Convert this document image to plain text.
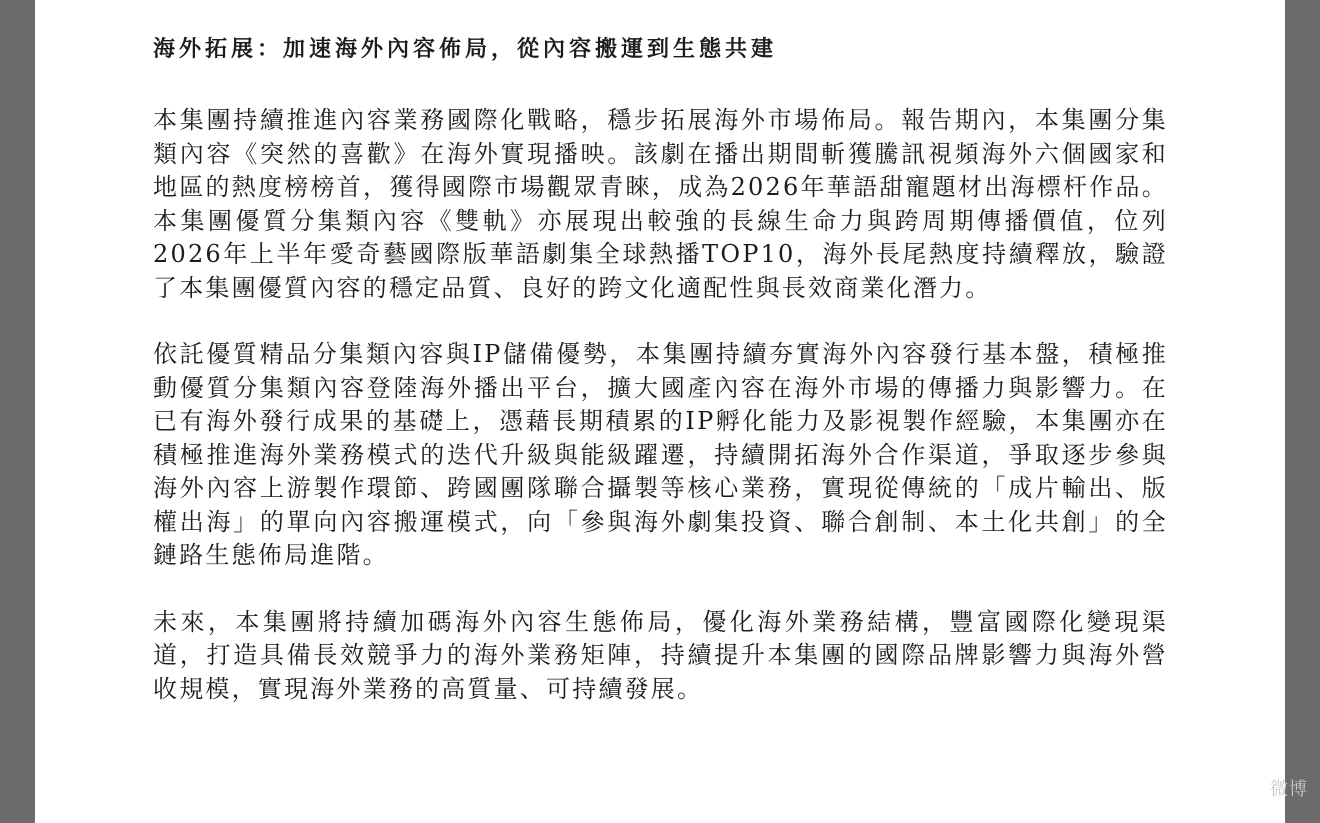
海外拓展：加速海外內容佈局，從內容搬運到生態共建

本集團持續推進內容業務國際化戰略，穩步拓展海外市場佈局。報告期內，本集團分集類內容《突然的喜歡》在海外實現播映。該劇在播出期間斬獲騰訊視頻海外六個國家和地區的熱度榜榜首，獲得國際市場觀眾青睞，成為2026年華語甜寵題材出海標杆作品。本集團優質分集類內容《雙軌》亦展現出較強的長線生命力與跨周期傳播價值，位列2026年上半年愛奇藝國際版華語劇集全球熱播TOP10，海外長尾熱度持續釋放，驗證了本集團優質內容的穩定品質、良好的跨文化適配性與長效商業化潛力。

依託優質精品分集類內容與IP儲備優勢，本集團持續夯實海外內容發行基本盤，積極推動優質分集類內容登陸海外播出平台，擴大國產內容在海外市場的傳播力與影響力。在已有海外發行成果的基礎上，憑藉長期積累的IP孵化能力及影視製作經驗，本集團亦在積極推進海外業務模式的迭代升級與能級躍遷，持續開拓海外合作渠道，爭取逐步參與海外內容上游製作環節、跨國團隊聯合攝製等核心業務，實現從傳統的「成片輸出、版權出海」的單向內容搬運模式，向「參與海外劇集投資、聯合創制、本土化共創」的全鏈路生態佈局進階。

未來，本集團將持續加碼海外內容生態佈局，優化海外業務結構，豐富國際化變現渠道，打造具備長效競爭力的海外業務矩陣，持續提升本集團的國際品牌影響力與海外營收規模，實現海外業務的高質量、可持續發展。

微博
